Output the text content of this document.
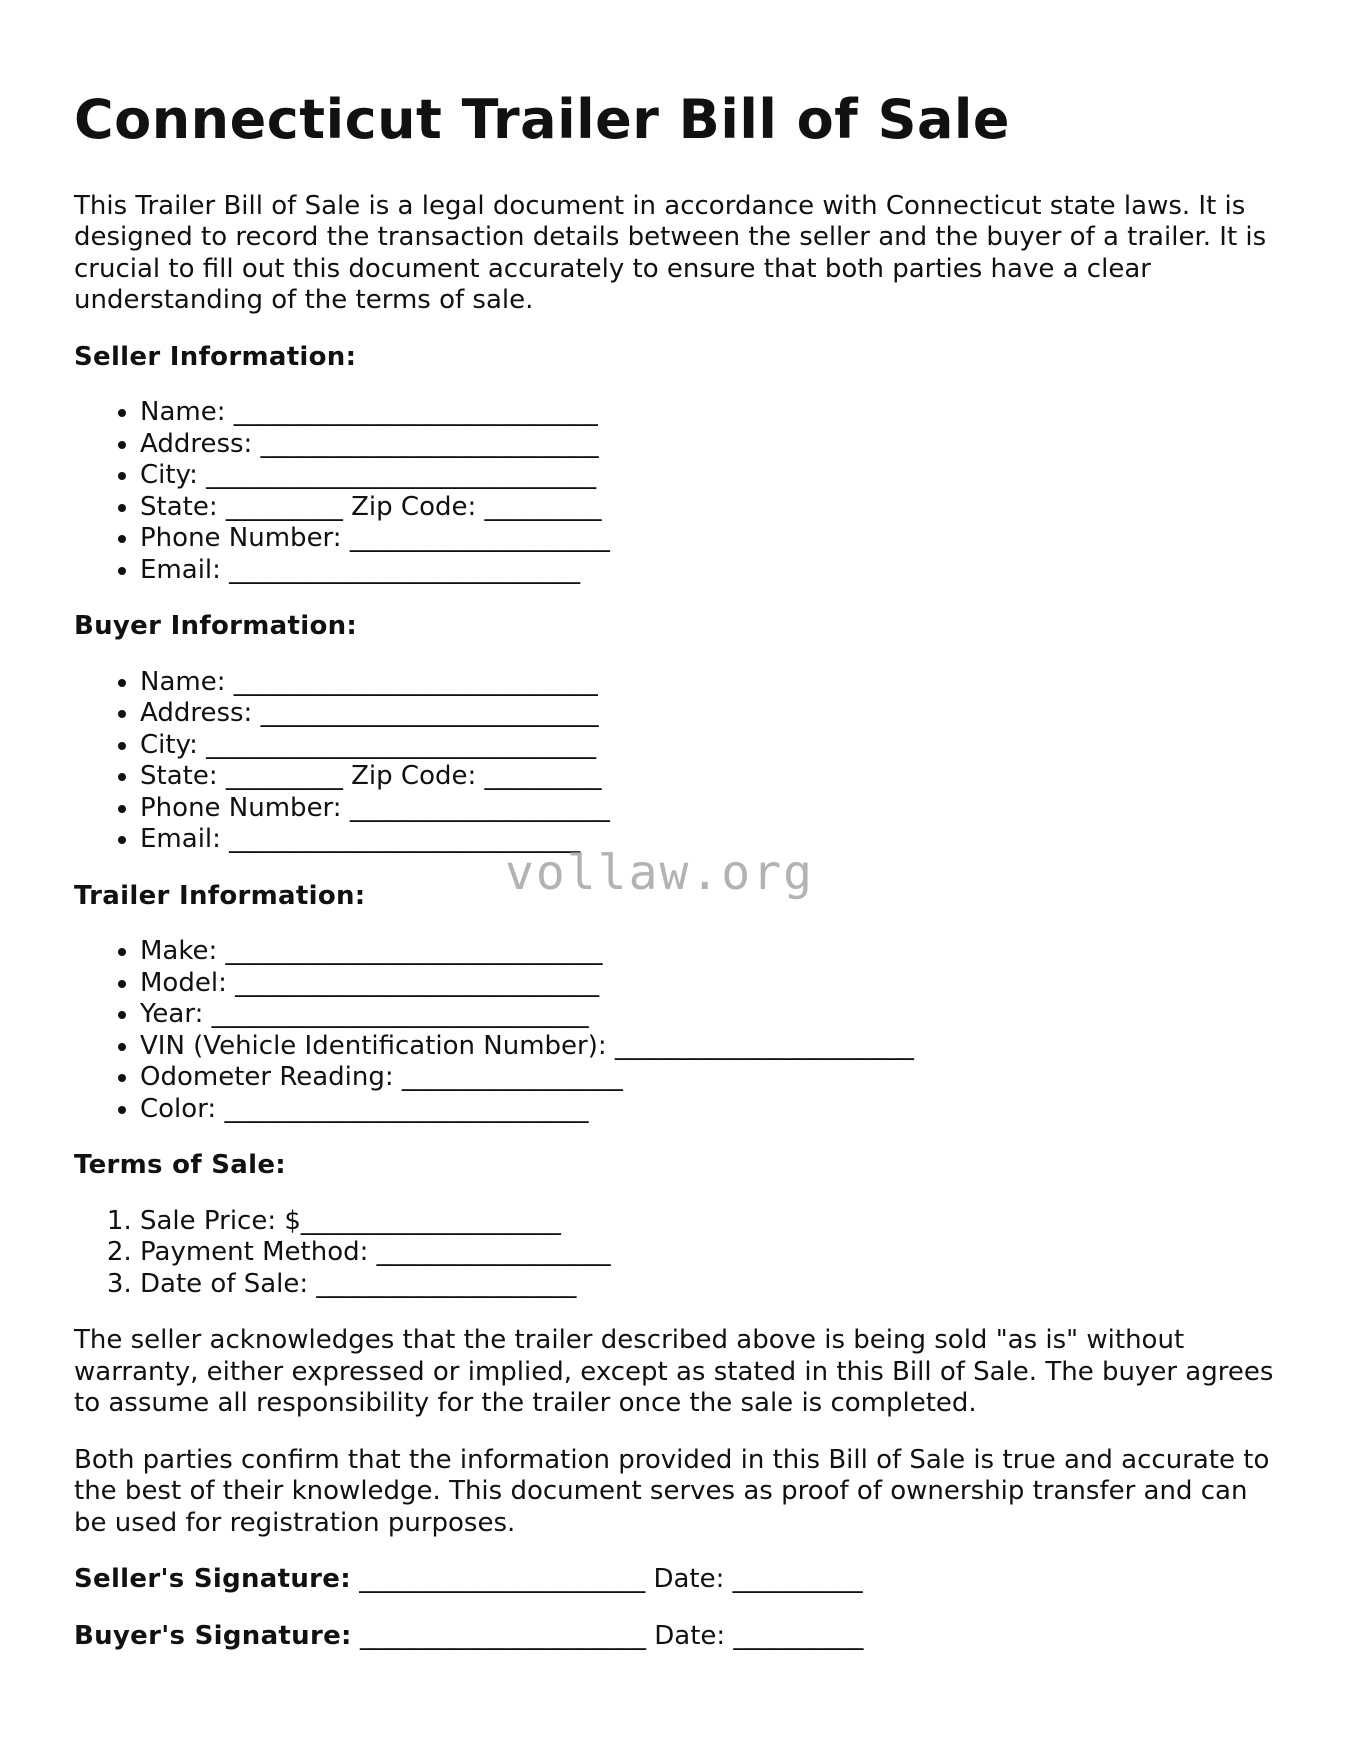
Connecticut Trailer Bill of Sale

This Trailer Bill of Sale is a legal document in accordance with Connecticut state laws. It is designed to record the transaction details between the seller and the buyer of a trailer. It is crucial to fill out this document accurately to ensure that both parties have a clear understanding of the terms of sale.

Seller Information:
• Name: ____________________________
• Address: __________________________
• City: ______________________________
• State: _________ Zip Code: _________
• Phone Number: ____________________
• Email: ___________________________
Buyer Information:
• Name: ____________________________
• Address: __________________________
• City: ______________________________
• State: _________ Zip Code: _________
• Phone Number: ____________________
• Email: ___________________________
Trailer Information:
• Make: _____________________________
• Model: ____________________________
• Year: _____________________________
• VIN (Vehicle Identification Number): _______________________
• Odometer Reading: _________________
• Color: ____________________________
Terms of Sale:
1. Sale Price: $____________________
2. Payment Method: __________________
3. Date of Sale: ____________________

The seller acknowledges that the trailer described above is being sold "as is" without warranty, either expressed or implied, except as stated in this Bill of Sale. The buyer agrees to assume all responsibility for the trailer once the sale is completed.

Both parties confirm that the information provided in this Bill of Sale is true and accurate to the best of their knowledge. This document serves as proof of ownership transfer and can be used for registration purposes.

Seller's Signature: ______________________ Date: __________
Buyer's Signature: ______________________ Date: __________
vollaw.org
